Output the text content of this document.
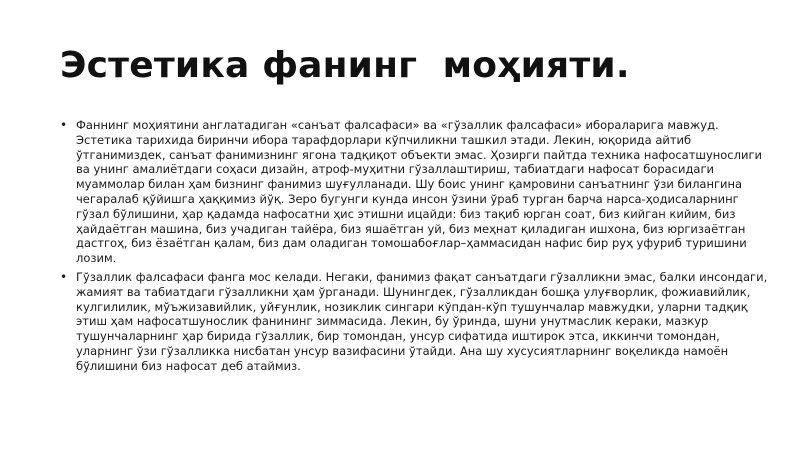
Эстетика фанинг  моҳияти.
• Фаннинг моҳиятини англатадиган «санъат фалсафаси» ва «гўзаллик фалсафаси» ибораларига мавжуд. Эстетика тарихида биринчи ибора тарафдорлари кўпчиликни ташкил этади. Лекин, юқорида айтиб ўтганимиздек, санъат фанимизнинг ягона тадқиқот объекти эмас. Ҳозирги пайтда техника нафосатшунослиги ва унинг амалиётдаги соҳаси дизайн, атроф-муҳитни гўзаллаштириш, табиатдаги нафосат борасидаги муаммолар билан ҳам бизнинг фанимиз шуғулланади. Шу боис унинг қамровини санъатнинг ўзи билангина чегаралаб қўйишга ҳаққимиз йўқ. Зеро бугунги кунда инсон ўзини ўраб турган барча нарса-ҳодисаларнинг гўзал бўлишини, ҳар қадамда нафосатни ҳис этишни ицайди: биз тақиб юрган соат, биз кийган кийим, биз ҳайдаётган машина, биз учадиган тайёра, биз яшаётган уй, биз меҳнат қиладиган ишхона, биз юргизаётган дастгоҳ, биз ёзаётган қалам, биз дам оладиган томошабоғлар–ҳаммасидан нафис бир руҳ уфуриб туришини лозим.
• Гўзаллик фалсафаси фанга мос келади. Негаки, фанимиз фақат санъатдаги гўзалликни эмас, балки инсондаги, жамият ва табиатдаги гўзалликни ҳам ўрганади. Шунингдек, гўзалликдан бошқа улуғворлик, фожиавийлик, кулгилилик, мўъжизавийлик, уйғунлик, нозиклик сингари кўпдан-кўп тушунчалар мавжудки, уларни тадқиқ этиш ҳам нафосатшунослик фанининг зиммасида. Лекин, бу ўринда, шуни унутмаслик кераки, мазкур тушунчаларнинг ҳар бирида гўзаллик, бир томондан, унсур сифатида иштирок этса, иккинчи томондан, уларнинг ўзи гўзалликка нисбатан унсур вазифасини ўтайди. Ана шу хусусиятларнинг воқеликда намоён бўлишини биз нафосат деб атаймиз.
